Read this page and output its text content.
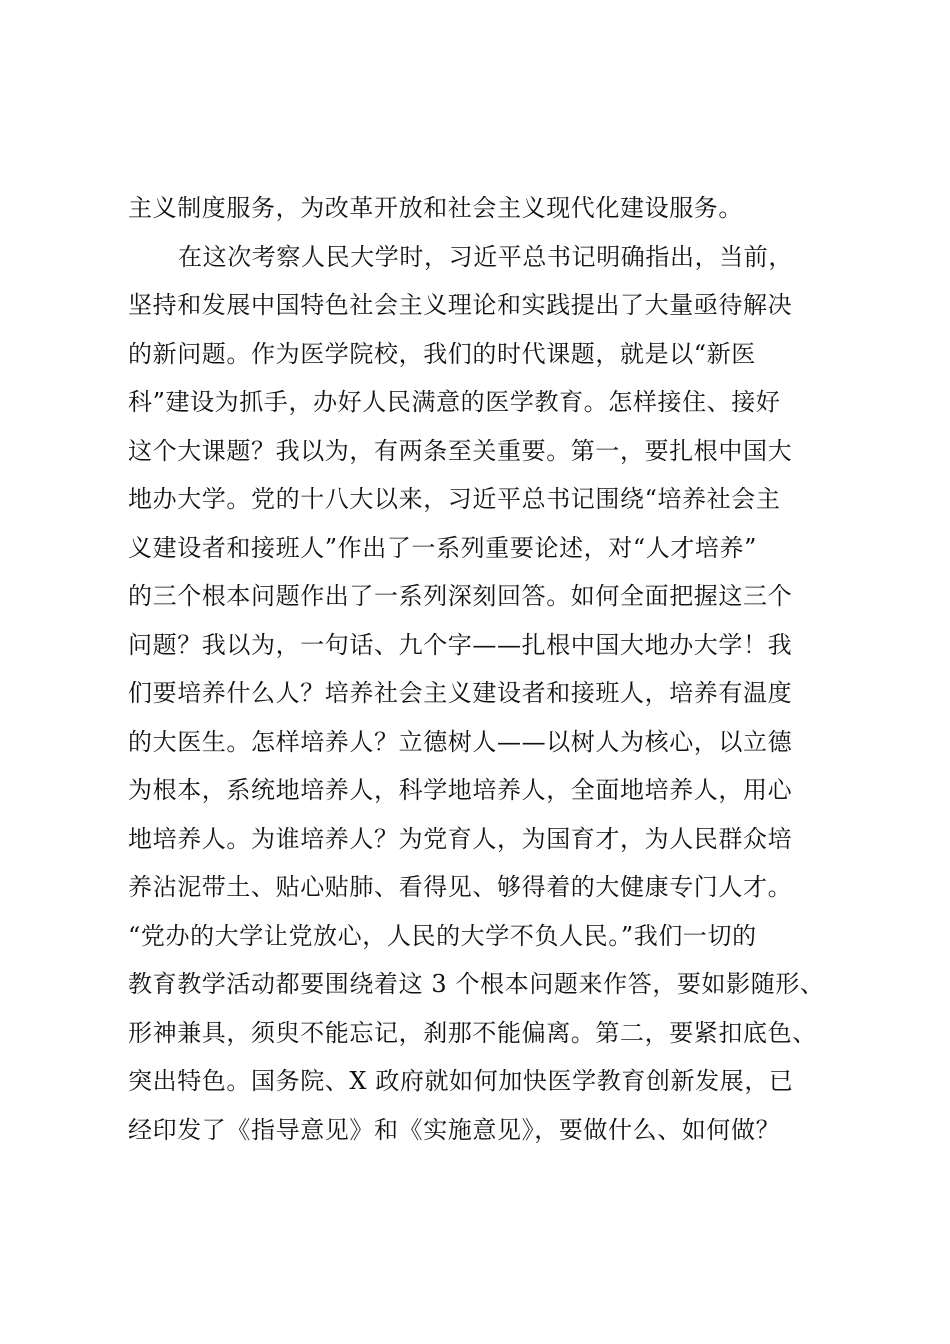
主义制度服务，为改革开放和社会主义现代化建设服务。
在这次考察人民大学时，习近平总书记明确指出，当前，
坚持和发展中国特色社会主义理论和实践提出了大量亟待解决
的新问题。作为医学院校，我们的时代课题，就是以“新医
科”建设为抓手，办好人民满意的医学教育。怎样接住、接好
这个大课题？我以为，有两条至关重要。第一，要扎根中国大
地办大学。党的十八大以来，习近平总书记围绕“培养社会主
义建设者和接班人”作出了一系列重要论述，对“人才培养”
的三个根本问题作出了一系列深刻回答。如何全面把握这三个
问题？我以为，一句话、九个字——扎根中国大地办大学！我
们要培养什么人？培养社会主义建设者和接班人，培养有温度
的大医生。怎样培养人？立德树人——以树人为核心，以立德
为根本，系统地培养人，科学地培养人，全面地培养人，用心
地培养人。为谁培养人？为党育人，为国育才，为人民群众培
养沾泥带土、贴心贴肺、看得见、够得着的大健康专门人才。
“党办的大学让党放心，人民的大学不负人民。”我们一切的
教育教学活动都要围绕着这 3 个根本问题来作答，要如影随形、
形神兼具，须臾不能忘记，刹那不能偏离。第二，要紧扣底色、
突出特色。国务院、X 政府就如何加快医学教育创新发展，已
经印发了《指导意见》和《实施意见》，要做什么、如何做？
